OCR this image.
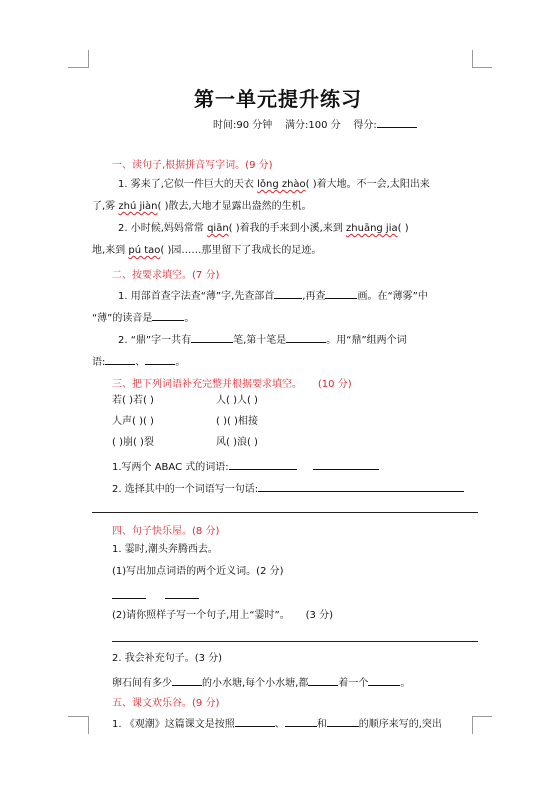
第一单元提升练习
时间:90 分钟 满分:100 分 得分:
一、读句子,根据拼音写字词。(9 分)
1. 雾来了,它似一件巨大的天衣 lǒng zhào( )着大地。不一会,太阳出来
了,雾 zhú jiàn( )散去,大地才显露出盎然的生机。
2. 小时候,妈妈常常 qiān( )着我的手来到小溪,来到 zhuāng jia( )
地,来到 pú tao( )园……那里留下了我成长的足迹。
二、按要求填空。(7 分)
1. 用部首查字法查“薄”字,先查部首	,再查	画。在“薄雾”中
“薄”的读音是	。
2. “鼎”字一共有	笔,第十笔是	。用“鼎”组两个词
语:	、	。
三、把下列词语补充完整并根据要求填空。 (10 分)
若( )若( )	人( )人( )
人声( )( )	( )( )相接
( )崩( )裂	风( )浪( )
1.写两个 ABAC 式的词语:
2. 选择其中的一个词语写一句话:
四、句子快乐屋。(8 分)
1. 霎时,潮头奔腾西去。
(1)写出加点词语的两个近义词。(2 分)

(2)请你照样子写一个句子,用上“霎时”。 (3 分)
2. 我会补充句子。(3 分)
卵石间有多少	的小水塘,每个小水塘,都	着一个	。
五、课文欢乐谷。(9 分)
1. 《观潮》这篇课文是按照	、	和	的顺序来写的,突出
